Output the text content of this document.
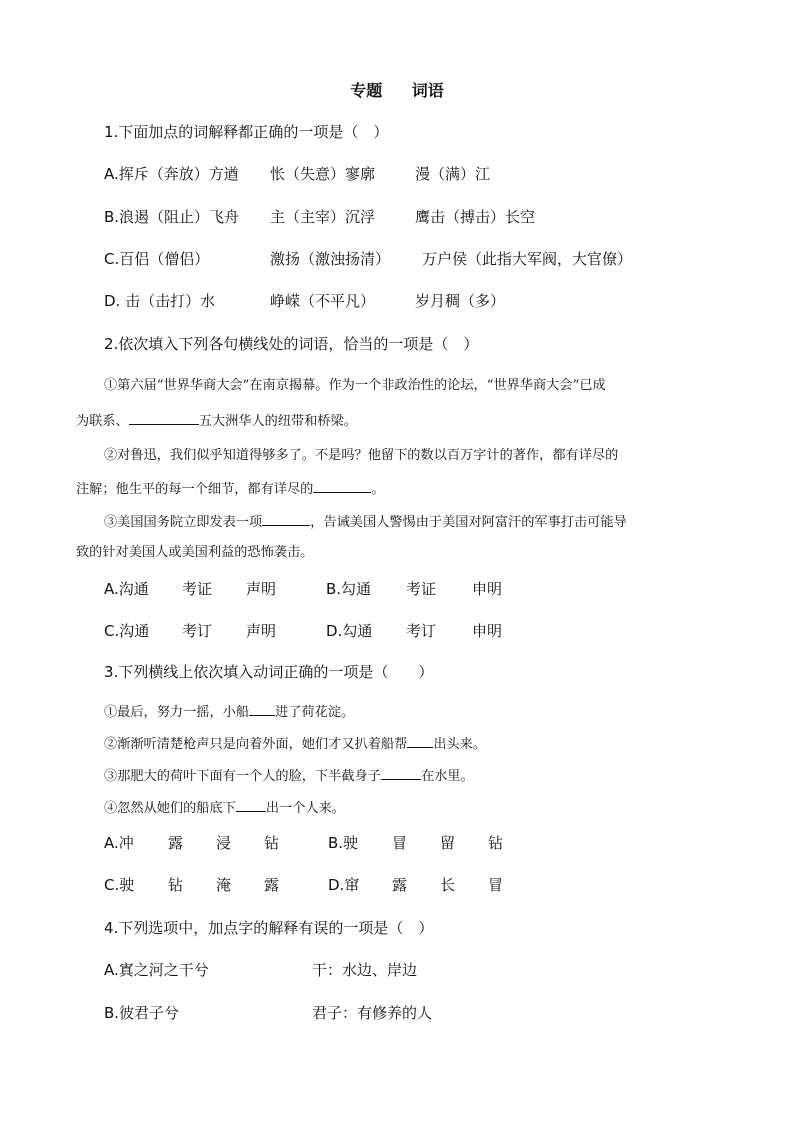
专题 词语
1.下面加点的词解释都正确的一项是（　）
A.挥斥（奔放）方遒 怅（失意）寥廓	漫（满）江
B.浪遏（阻止）飞舟 主（主宰）沉浮	鹰击（搏击）长空
C.百侣（僧侣）	激扬（激浊扬清） 万户侯（此指大军阀，大官僚）
D. 击（击打）水	峥嵘（不平凡）	岁月稠（多）
2.依次填入下列各句横线处的词语，恰当的一项是（　）
①第六届“世界华商大会”在南京揭幕。作为一个非政治性的论坛，“世界华商大会”已成
为联系、	五大洲华人的纽带和桥梁。
②对鲁迅，我们似乎知道得够多了。不是吗？他留下的数以百万字计的著作，都有详尽的
注解；他生平的每一个细节，都有详尽的	。
③美国国务院立即发表一项	，告诫美国人警惕由于美国对阿富汗的军事打击可能导
致的针对美国人或美国利益的恐怖袭击。
A.沟通 考证 声明	B.勾通 考证 申明
C.沟通 考订 声明	D.勾通 考订 申明
3.下列横线上依次填入动词正确的一项是（　　）
①最后，努力一摇，小船 进了荷花淀。
②渐渐听清楚枪声只是向着外面，她们才又扒着船帮 出头来。
③那肥大的荷叶下面有一个人的脸，下半截身子	在水里。
④忽然从她们的船底下 出一个人来。
A.冲 露 浸 钻	B.驶 冒 留 钻
C.驶 钻 淹 露	D.窜 露 长 冒
4.下列选项中，加点字的解释有误的一项是（　）
A.寘之河之干兮	干：水边、岸边
B.彼君子兮	君子：有修养的人
